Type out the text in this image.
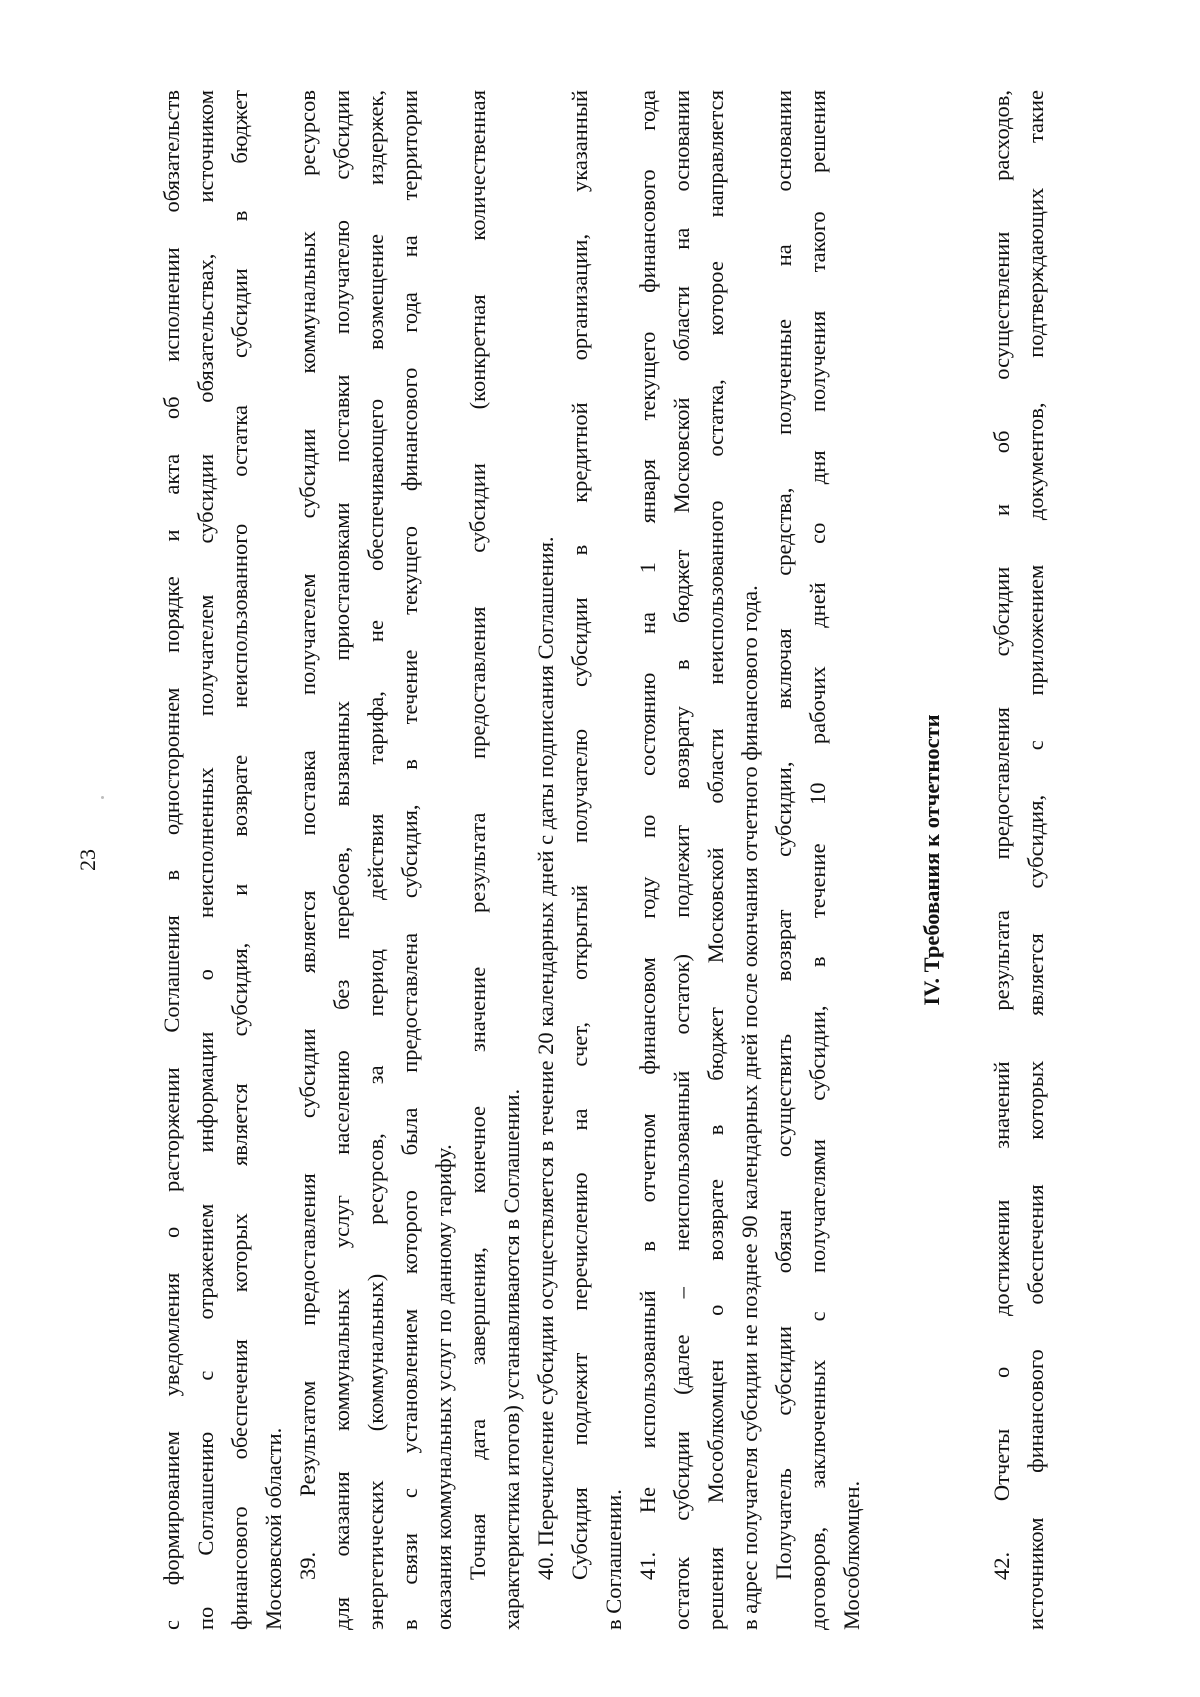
23	с формированием уведомления о расторжении Соглашения в одностороннем порядке и акта об исполнении обязательств по Соглашению с отражением информации о неисполненных получателем субсидии обязательствах, источником финансового обеспечения которых является субсидия, и возврате неиспользованного остатка субсидии в бюджет Московской области. 39. Результатом предоставления субсидии является поставка получателем субсидии коммунальных ресурсов для оказания коммунальных услуг населению без перебоев, вызванных приостановками поставки получателю субсидии энергетических (коммунальных) ресурсов, за период действия тарифа, не обеспечивающего возмещение издержек, в связи с установлением которого была предоставлена субсидия, в течение текущего финансового года на территории оказания коммунальных услуг по данному тарифу. Точная дата завершения, конечное значение результата предоставления субсидии (конкретная количественная характеристика итогов) устанавливаются в Соглашении. 40. Перечисление субсидии осуществляется в течение 20 календарных дней с даты подписания Соглашения. Субсидия подлежит перечислению на счет, открытый получателю субсидии в кредитной организации, указанный в Соглашении. 41. Не использованный в отчетном финансовом году по состоянию на 1 января текущего финансового года остаток субсидии (далее – неиспользованный остаток) подлежит возврату в бюджет Московской области на основании решения Мособлкомцен о возврате в бюджет Московской области неиспользованного остатка, которое направляется в адрес получателя субсидии не позднее 90 календарных дней после окончания отчетного финансового года. Получатель субсидии обязан осуществить возврат субсидии, включая средства, полученные на основании договоров, заключенных с получателями субсидии, в течение 10 рабочих дней со дня получения такого решения Мособлкомцен.
IV. Требования к отчетности 42. Отчеты о достижении значений результата предоставления субсидии и об осуществлении расходов, источником финансового обеспечения которых является субсидия, с приложением документов, подтверждающих такие
